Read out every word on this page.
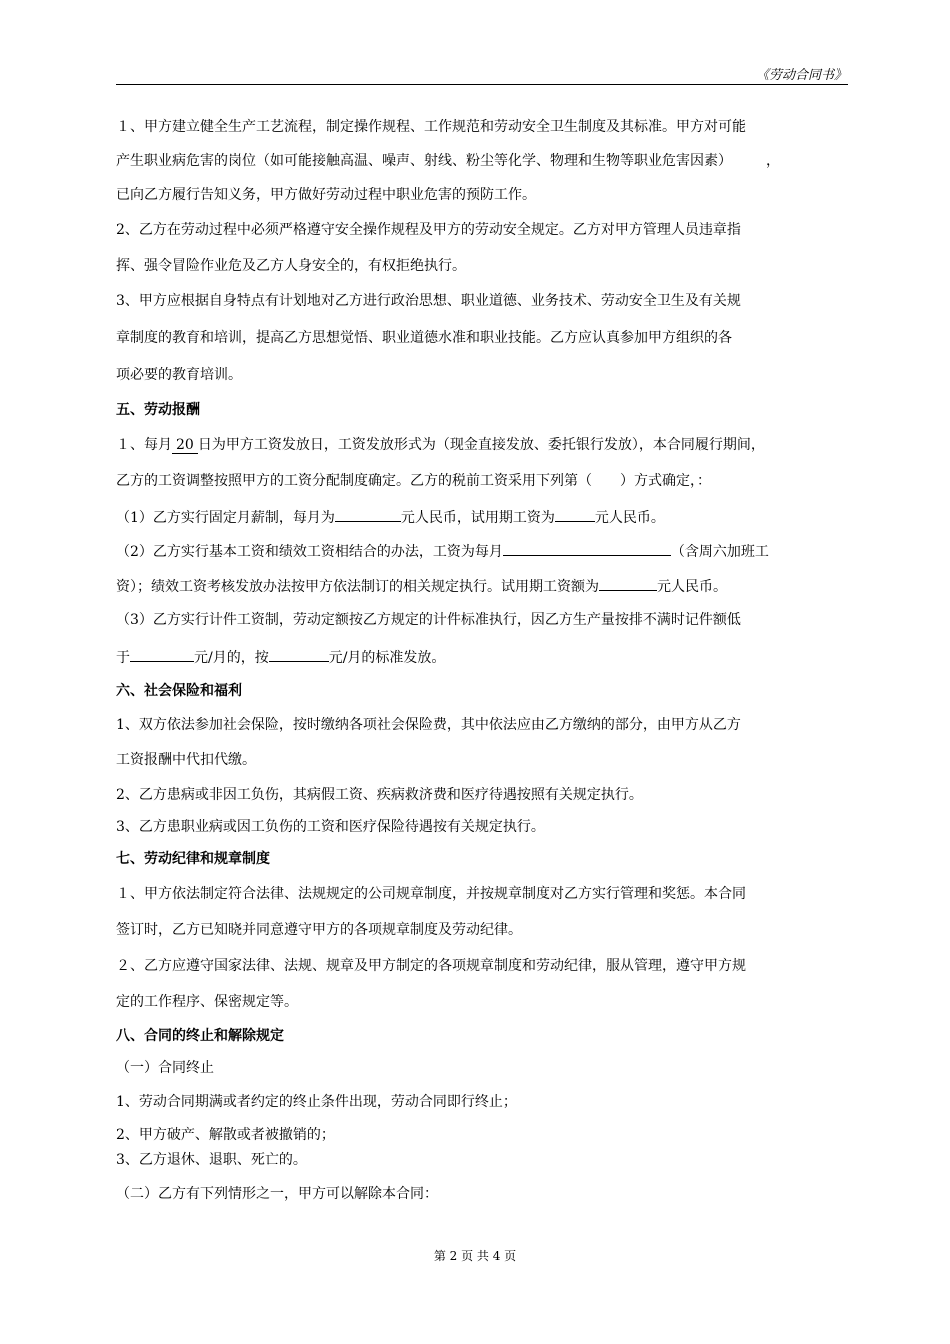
《劳动合同书》
１、甲方建立健全生产工艺流程，制定操作规程、工作规范和劳动安全卫生制度及其标准。甲方对可能
产生职业病危害的岗位（如可能接触高温、噪声、射线、粉尘等化学、物理和生物等职业危害因素） ，
已向乙方履行告知义务，甲方做好劳动过程中职业危害的预防工作。
2、乙方在劳动过程中必须严格遵守安全操作规程及甲方的劳动安全规定。乙方对甲方管理人员违章指
挥、强令冒险作业危及乙方人身安全的，有权拒绝执行。
3、甲方应根据自身特点有计划地对乙方进行政治思想、职业道德、业务技术、劳动安全卫生及有关规
章制度的教育和培训，提高乙方思想觉悟、职业道德水准和职业技能。乙方应认真参加甲方组织的各
项必要的教育培训。
五、劳动报酬
１、每月 20 日为甲方工资发放日，工资发放形式为（现金直接发放、委托银行发放），本合同履行期间，
乙方的工资调整按照甲方的工资分配制度确定。乙方的税前工资采用下列第（　　）方式确定，：
（1）乙方实行固定月薪制，每月为	元人民币，试用期工资为	元人民币。
（2）乙方实行基本工资和绩效工资相结合的办法，工资为每月	（含周六加班工
资）；绩效工资考核发放办法按甲方依法制订的相关规定执行。试用期工资额为	元人民币。
（3）乙方实行计件工资制，劳动定额按乙方规定的计件标准执行，因乙方生产量按排不满时记件额低
于	元/月的，按	元/月的标准发放。
六、社会保险和福利
1、双方依法参加社会保险，按时缴纳各项社会保险费，其中依法应由乙方缴纳的部分，由甲方从乙方
工资报酬中代扣代缴。
2、乙方患病或非因工负伤，其病假工资、疾病救济费和医疗待遇按照有关规定执行。
3、乙方患职业病或因工负伤的工资和医疗保险待遇按有关规定执行。
七、劳动纪律和规章制度
１、甲方依法制定符合法律、法规规定的公司规章制度，并按规章制度对乙方实行管理和奖惩。本合同
签订时，乙方已知晓并同意遵守甲方的各项规章制度及劳动纪律。
２、乙方应遵守国家法律、法规、规章及甲方制定的各项规章制度和劳动纪律，服从管理，遵守甲方规
定的工作程序、保密规定等。
八、合同的终止和解除规定
（一）合同终止
1、劳动合同期满或者约定的终止条件出现，劳动合同即行终止；
2、甲方破产、解散或者被撤销的；
3、乙方退休、退职、死亡的。
（二）乙方有下列情形之一，甲方可以解除本合同：
第 2 页 共 4 页
